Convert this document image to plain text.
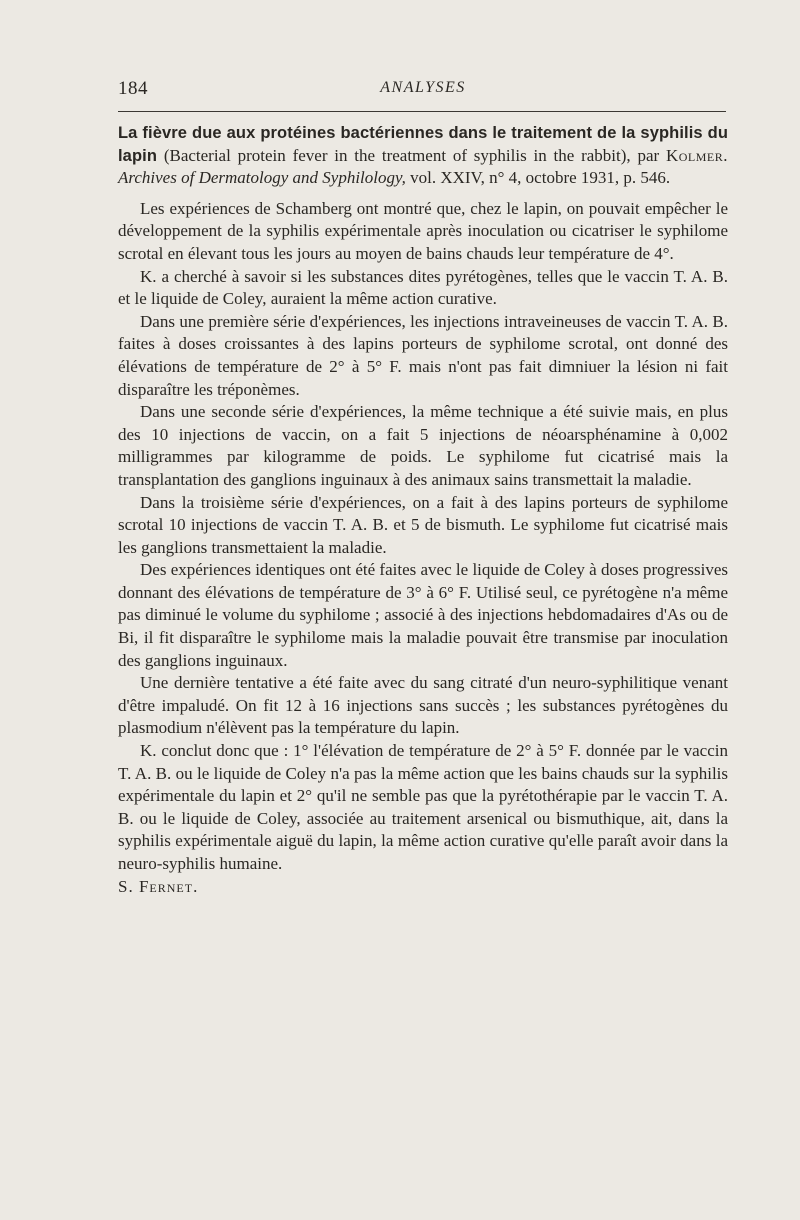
184	ANALYSES

La fièvre due aux protéines bactériennes dans le traitement de la syphilis du lapin (Bacterial protein fever in the treatment of syphilis in the rabbit), par Kolmer. Archives of Dermatology and Syphilology, vol. XXIV, n° 4, octobre 1931, p. 546.

Les expériences de Schamberg ont montré que, chez le lapin, on pouvait empêcher le développement de la syphilis expérimentale après inoculation ou cicatriser le syphilome scrotal en élevant tous les jours au moyen de bains chauds leur température de 4°.

K. a cherché à savoir si les substances dites pyrétogènes, telles que le vaccin T. A. B. et le liquide de Coley, auraient la même action curative.

Dans une première série d'expériences, les injections intraveineuses de vaccin T. A. B. faites à doses croissantes à des lapins porteurs de syphilome scrotal, ont donné des élévations de température de 2° à 5° F. mais n'ont pas fait dimniuer la lésion ni fait disparaître les tréponèmes.

Dans une seconde série d'expériences, la même technique a été suivie mais, en plus des 10 injections de vaccin, on a fait 5 injections de néoarsphénamine à 0,002 milligrammes par kilogramme de poids. Le syphilome fut cicatrisé mais la transplantation des ganglions inguinaux à des animaux sains transmettait la maladie.

Dans la troisième série d'expériences, on a fait à des lapins porteurs de syphilome scrotal 10 injections de vaccin T. A. B. et 5 de bismuth. Le syphilome fut cicatrisé mais les ganglions transmettaient la maladie.

Des expériences identiques ont été faites avec le liquide de Coley à doses progressives donnant des élévations de température de 3° à 6° F. Utilisé seul, ce pyrétogène n'a même pas diminué le volume du syphilome ; associé à des injections hebdomadaires d'As ou de Bi, il fit disparaître le syphilome mais la maladie pouvait être transmise par inoculation des ganglions inguinaux.

Une dernière tentative a été faite avec du sang citraté d'un neuro-syphilitique venant d'être impaludé. On fit 12 à 16 injections sans succès ; les substances pyrétogènes du plasmodium n'élèvent pas la température du lapin.

K. conclut donc que : 1° l'élévation de température de 2° à 5° F. donnée par le vaccin T. A. B. ou le liquide de Coley n'a pas la même action que les bains chauds sur la syphilis expérimentale du lapin et 2° qu'il ne semble pas que la pyrétothérapie par le vaccin T. A. B. ou le liquide de Coley, associée au traitement arsenical ou bismuthique, ait, dans la syphilis expérimentale aiguë du lapin, la même action curative qu'elle paraît avoir dans la neuro-syphilis humaine.

S. Fernet.
